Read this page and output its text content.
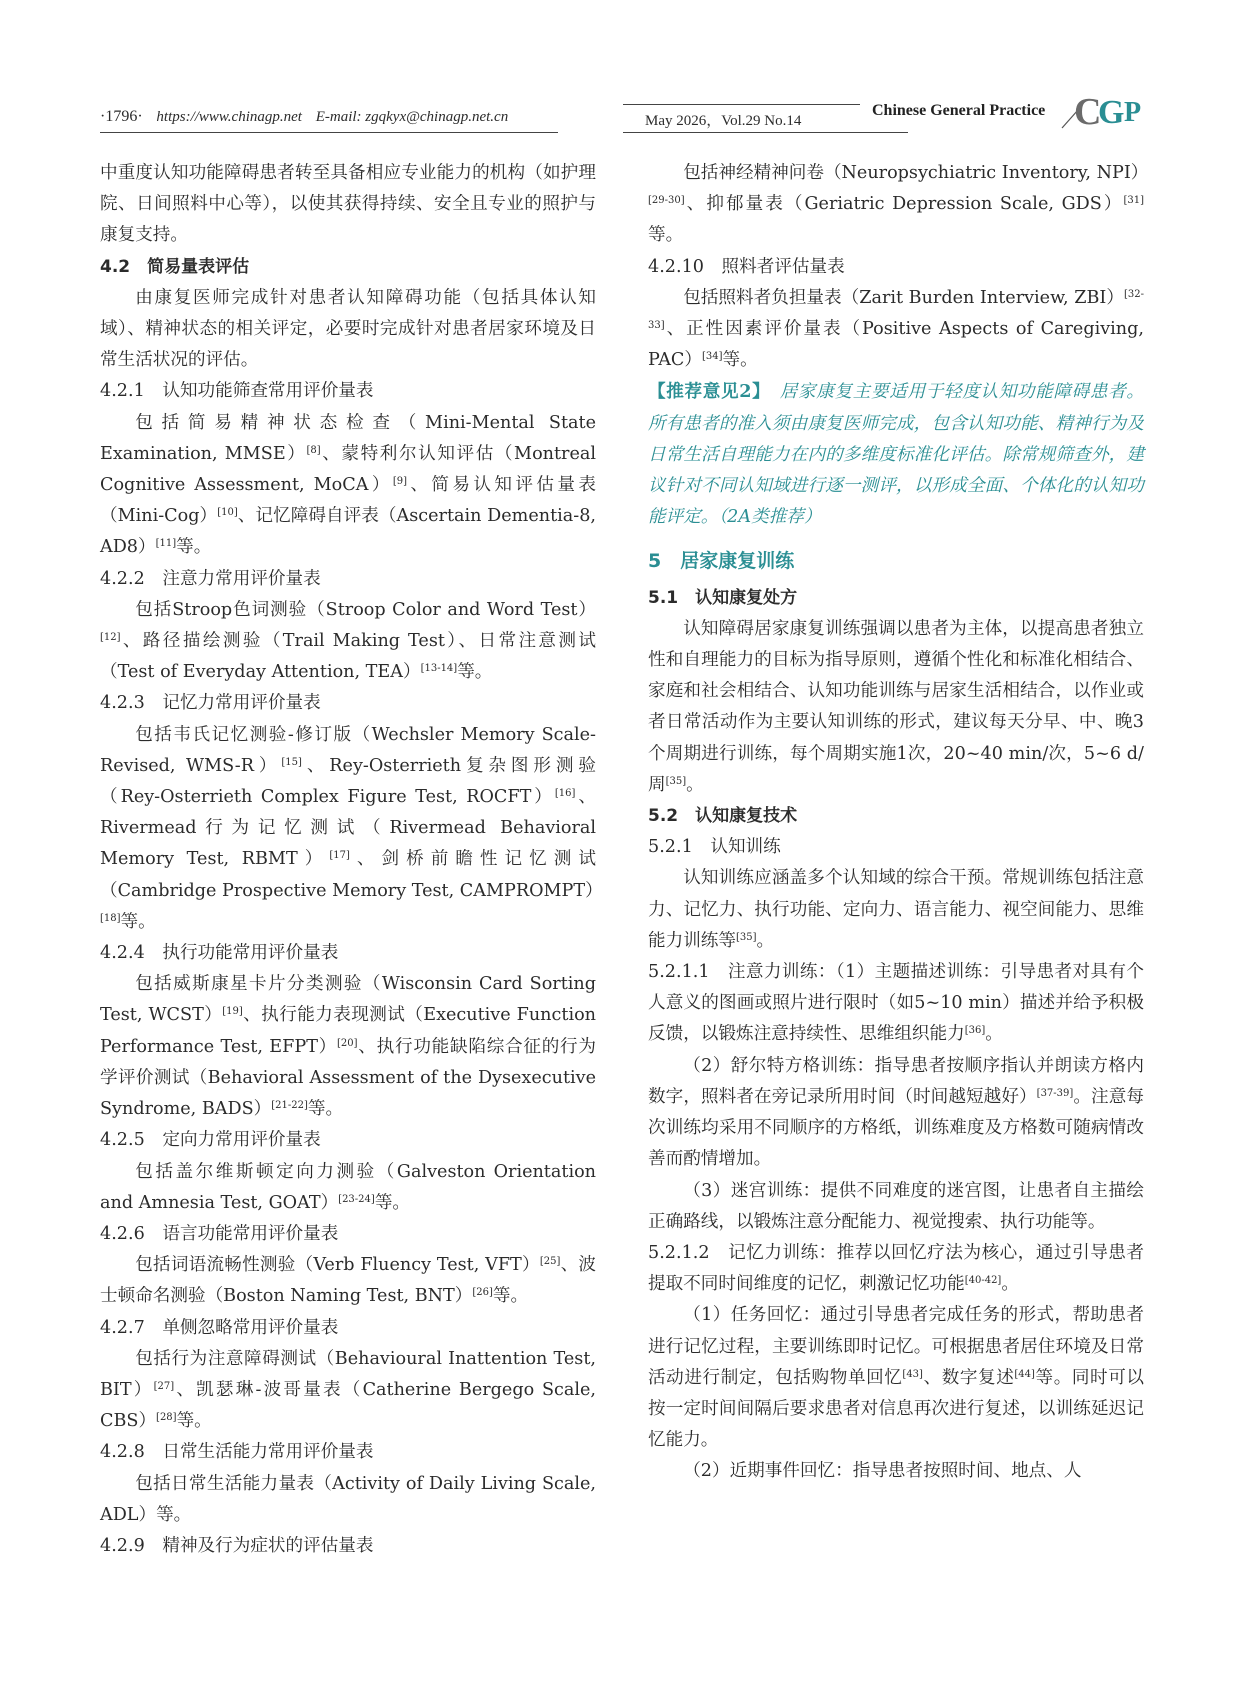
·1796· https://www.chinagp.net E-mail: zgqkyx@chinagp.net.cn	May 2026，Vol.29 No.14
Chinese General Practice C
G P

中重度认知功能障碍患者转至具备相应专业能力的机构（如护理院、日间照料中心等），以使其获得持续、安全且专业的照护与康复支持。

4.2　简易量表评估

由康复医师完成针对患者认知障碍功能（包括具体认知域）、精神状态的相关评定，必要时完成针对患者居家环境及日常生活状况的评估。

4.2.1　认知功能筛查常用评价量表

包括简易精神状态检查（Mini-Mental State Examination, MMSE）[8]、蒙特利尔认知评估（Montreal Cognitive Assessment, MoCA）[9]、简易认知评估量表（Mini-Cog）[10]、记忆障碍自评表（Ascertain Dementia-8, AD8）[11]等。

4.2.2　注意力常用评价量表

包括Stroop色词测验（Stroop Color and Word Test）[12]、路径描绘测验（Trail Making Test）、日常注意测试（Test of Everyday Attention, TEA）[13-14]等。

4.2.3　记忆力常用评价量表

包括韦氏记忆测验-修订版（Wechsler Memory Scale-Revised, WMS-R）[15]、Rey-Osterrieth复杂图形测验（Rey-Osterrieth Complex Figure Test, ROCFT）[16]、Rivermead行为记忆测试（Rivermead Behavioral Memory Test, RBMT）[17]、剑桥前瞻性记忆测试（Cambridge Prospective Memory Test, CAMPROMPT）[18]等。

4.2.4　执行功能常用评价量表

包括威斯康星卡片分类测验（Wisconsin Card Sorting Test, WCST）[19]、执行能力表现测试（Executive Function Performance Test, EFPT）[20]、执行功能缺陷综合征的行为学评价测试（Behavioral Assessment of the Dysexecutive Syndrome, BADS）[21-22]等。

4.2.5　定向力常用评价量表

包括盖尔维斯顿定向力测验（Galveston Orientation and Amnesia Test, GOAT）[23-24]等。

4.2.6　语言功能常用评价量表

包括词语流畅性测验（Verb Fluency Test, VFT）[25]、波士顿命名测验（Boston Naming Test, BNT）[26]等。

4.2.7　单侧忽略常用评价量表

包括行为注意障碍测试（Behavioural Inattention Test, BIT）[27]、凯瑟琳-波哥量表（Catherine Bergego Scale, CBS）[28]等。

4.2.8　日常生活能力常用评价量表

包括日常生活能力量表（Activity of Daily Living Scale, ADL）等。

4.2.9　精神及行为症状的评估量表

包括神经精神问卷（Neuropsychiatric Inventory, NPI）[29-30]、抑郁量表（Geriatric Depression Scale, GDS）[31]等。

4.2.10　照料者评估量表

包括照料者负担量表（Zarit Burden Interview, ZBI）[32-33]、正性因素评价量表（Positive Aspects of Caregiving, PAC）[34]等。

【推荐意见2】　居家康复主要适用于轻度认知功能障碍患者。所有患者的准入须由康复医师完成，包含认知功能、精神行为及日常生活自理能力在内的多维度标准化评估。除常规筛查外，建议针对不同认知域进行逐一测评，以形成全面、个体化的认知功能评定。（2A类推荐）

5　居家康复训练

5.1　认知康复处方

认知障碍居家康复训练强调以患者为主体，以提高患者独立性和自理能力的目标为指导原则，遵循个性化和标准化相结合、家庭和社会相结合、认知功能训练与居家生活相结合，以作业或者日常活动作为主要认知训练的形式，建议每天分早、中、晚3个周期进行训练，每个周期实施1次，20~40 min/次，5~6 d/周[35]。

5.2　认知康复技术

5.2.1　认知训练

认知训练应涵盖多个认知域的综合干预。常规训练包括注意力、记忆力、执行功能、定向力、语言能力、视空间能力、思维能力训练等[35]。

5.2.1.1　注意力训练：（1）主题描述训练：引导患者对具有个人意义的图画或照片进行限时（如5~10 min）描述并给予积极反馈，以锻炼注意持续性、思维组织能力[36]。

（2）舒尔特方格训练：指导患者按顺序指认并朗读方格内数字，照料者在旁记录所用时间（时间越短越好）[37-39]。注意每次训练均采用不同顺序的方格纸，训练难度及方格数可随病情改善而酌情增加。

（3）迷宫训练：提供不同难度的迷宫图，让患者自主描绘正确路线，以锻炼注意分配能力、视觉搜索、执行功能等。

5.2.1.2　记忆力训练：推荐以回忆疗法为核心，通过引导患者提取不同时间维度的记忆，刺激记忆功能[40-42]。

（1）任务回忆：通过引导患者完成任务的形式，帮助患者进行记忆过程，主要训练即时记忆。可根据患者居住环境及日常活动进行制定，包括购物单回忆[43]、数字复述[44]等。同时可以按一定时间间隔后要求患者对信息再次进行复述，以训练延迟记忆能力。

（2）近期事件回忆：指导患者按照时间、地点、人
